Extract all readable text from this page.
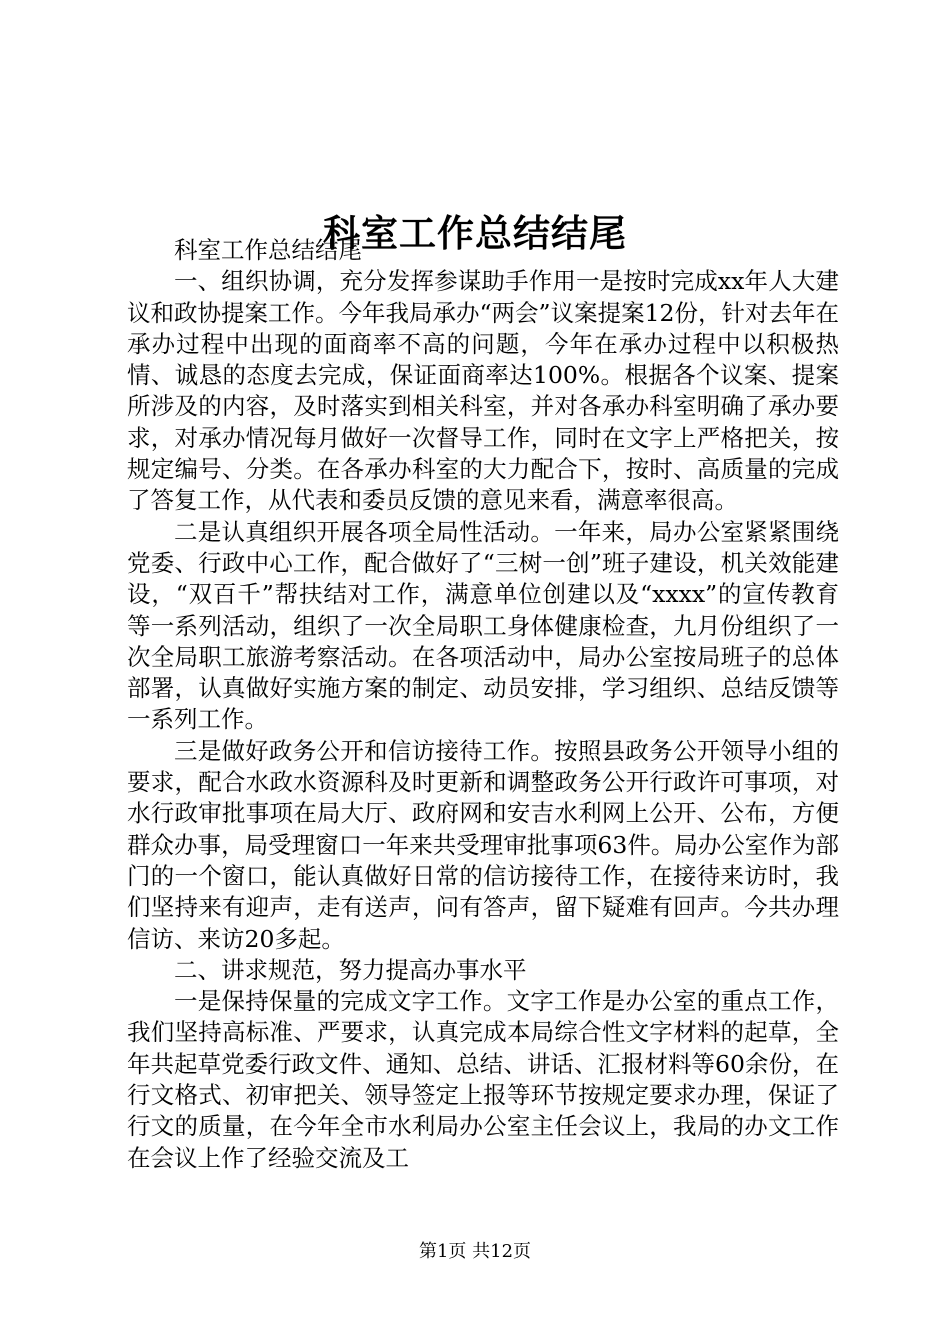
科室工作总结结尾

科室工作总结结尾

一、组织协调，充分发挥参谋助手作用一是按时完成xx年人大建议和政协提案工作。今年我局承办“两会”议案提案12份，针对去年在承办过程中出现的面商率不高的问题，今年在承办过程中以积极热情、诚恳的态度去完成，保证面商率达100%。根据各个议案、提案所涉及的内容，及时落实到相关科室，并对各承办科室明确了承办要求，对承办情况每月做好一次督导工作，同时在文字上严格把关，按规定编号、分类。在各承办科室的大力配合下，按时、高质量的完成了答复工作，从代表和委员反馈的意见来看，满意率很高。

二是认真组织开展各项全局性活动。一年来，局办公室紧紧围绕党委、行政中心工作，配合做好了“三树一创”班子建设，机关效能建设，“双百千”帮扶结对工作，满意单位创建以及“xxxx”的宣传教育等一系列活动，组织了一次全局职工身体健康检查，九月份组织了一次全局职工旅游考察活动。在各项活动中，局办公室按局班子的总体部署，认真做好实施方案的制定、动员安排，学习组织、总结反馈等一系列工作。

三是做好政务公开和信访接待工作。按照县政务公开领导小组的要求，配合水政水资源科及时更新和调整政务公开行政许可事项，对水行政审批事项在局大厅、政府网和安吉水利网上公开、公布，方便群众办事，局受理窗口一年来共受理审批事项63件。局办公室作为部门的一个窗口，能认真做好日常的信访接待工作，在接待来访时，我们坚持来有迎声，走有送声，问有答声，留下疑难有回声。今共办理信访、来访20多起。

二、讲求规范，努力提高办事水平

一是保持保量的完成文字工作。文字工作是办公室的重点工作，我们坚持高标准、严要求，认真完成本局综合性文字材料的起草，全年共起草党委行政文件、通知、总结、讲话、汇报材料等60余份，在行文格式、初审把关、领导签定上报等环节按规定要求办理，保证了行文的质量，在今年全市水利局办公室主任会议上，我局的办文工作在会议上作了经验交流及工

第1页 共12页
